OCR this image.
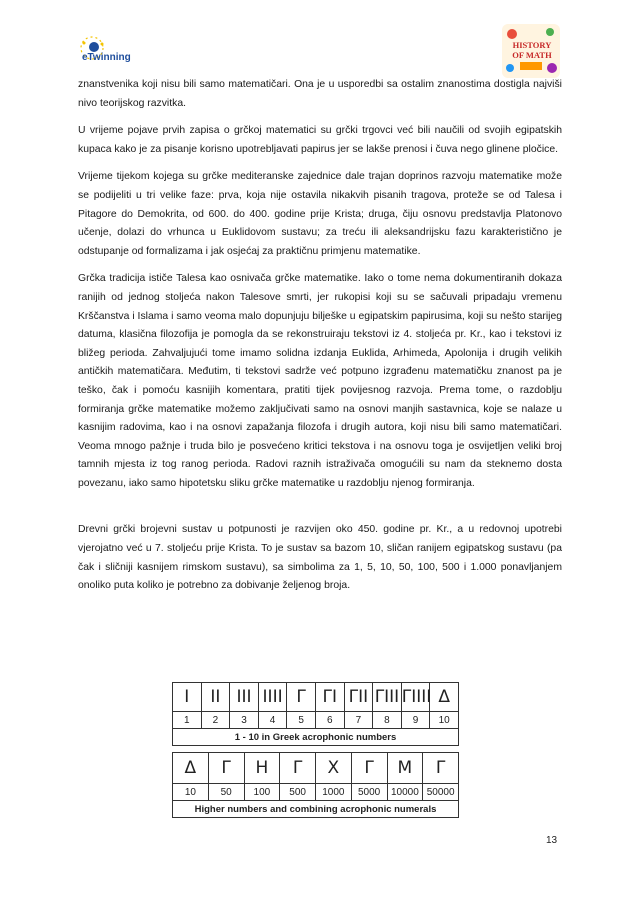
eTwinning
HISTORY OF MATH

znanstvenika koji nisu bili samo matematičari. Ona je u usporedbi sa ostalim znanostima dostigla najviši nivo teorijskog razvitka.

U vrijeme pojave prvih zapisa o grčkoj matematici su grčki trgovci već bili naučili od svojih egipatskih kupaca kako je za pisanje korisno upotrebljavati papirus jer se lakše prenosi i čuva nego glinene pločice.

Vrijeme tijekom kojega su grčke mediteranske zajednice dale trajan doprinos razvoju matematike može se podijeliti u tri velike faze: prva, koja nije ostavila nikakvih pisanih tragova, proteže se od Talesa i Pitagore do Demokrita, od 600. do 400. godine prije Krista; druga, čiju osnovu predstavlja Platonovo učenje, dolazi do vrhunca u Euklidovom sustavu; za treću ili aleksandrijsku fazu karakteristično je odstupanje od formalizama i jak osjećaj za praktičnu primjenu matematike.

Grčka tradicija ističe Talesa kao osnivača grčke matematike. Iako o tome nema dokumentiranih dokaza ranijih od jednog stoljeća nakon Talesove smrti, jer rukopisi koji su se sačuvali pripadaju vremenu Krščanstva i Islama i samo veoma malo dopunjuju bilješke u egipatskim papirusima, koji su nešto starijeg datuma, klasična filozofija je pomogla da se rekonstruiraju tekstovi iz 4. stoljeća pr. Kr., kao i tekstovi iz bližeg perioda. Zahvaljujući tome imamo solidna izdanja Euklida, Arhimeda, Apolonija i drugih velikih antičkih matematičara. Međutim, ti tekstovi sadrže već potpuno izgrađenu matematičku znanost pa je teško, čak i pomoću kasnijih komentara, pratiti tijek povijesnog razvoja. Prema tome, o razdoblju formiranja grčke matematike možemo zaključivati samo na osnovi manjih sastavnica, koje se nalaze u kasnijim radovima, kao i na osnovi zapažanja filozofa i drugih autora, koji nisu bili samo matematičari. Veoma mnogo pažnje i truda bilo je posvećeno kritici tekstova i na osnovu toga je osvijetljen veliki broj tamnih mjesta iz tog ranog perioda. Radovi raznih istraživača omogućili su nam da steknemo dosta povezanu, iako samo hipotetsku sliku grčke matematike u razdoblju njenog formiranja.

Drevni grčki brojevni sustav u potpunosti je razvijen oko 450. godine pr. Kr., a u redovnoj upotrebi vjerojatno već u 7. stoljeću prije Krista. To je sustav sa bazom 10, sličan ranijem egipatskog sustavu (pa čak i sličniji kasnijem rimskom sustavu), sa simbolima za 1, 5, 10, 50, 100, 500 i 1.000 ponavljanjem onoliko puta koliko je potrebno za dobivanje željenog broja.

I	II	III	IIII	Γ	ΓI	ΓII	ΓIII	ΓIIII	Δ
1	2	3	4	5	6	7	8	9	10
1 - 10 in Greek acrophonic numbers									
Δ	Γ	H	Γ	X	Γ	M	Γ
10	50	100	500	1000	5000	10000	50000
Higher numbers and combining acrophonic numerals							
13
